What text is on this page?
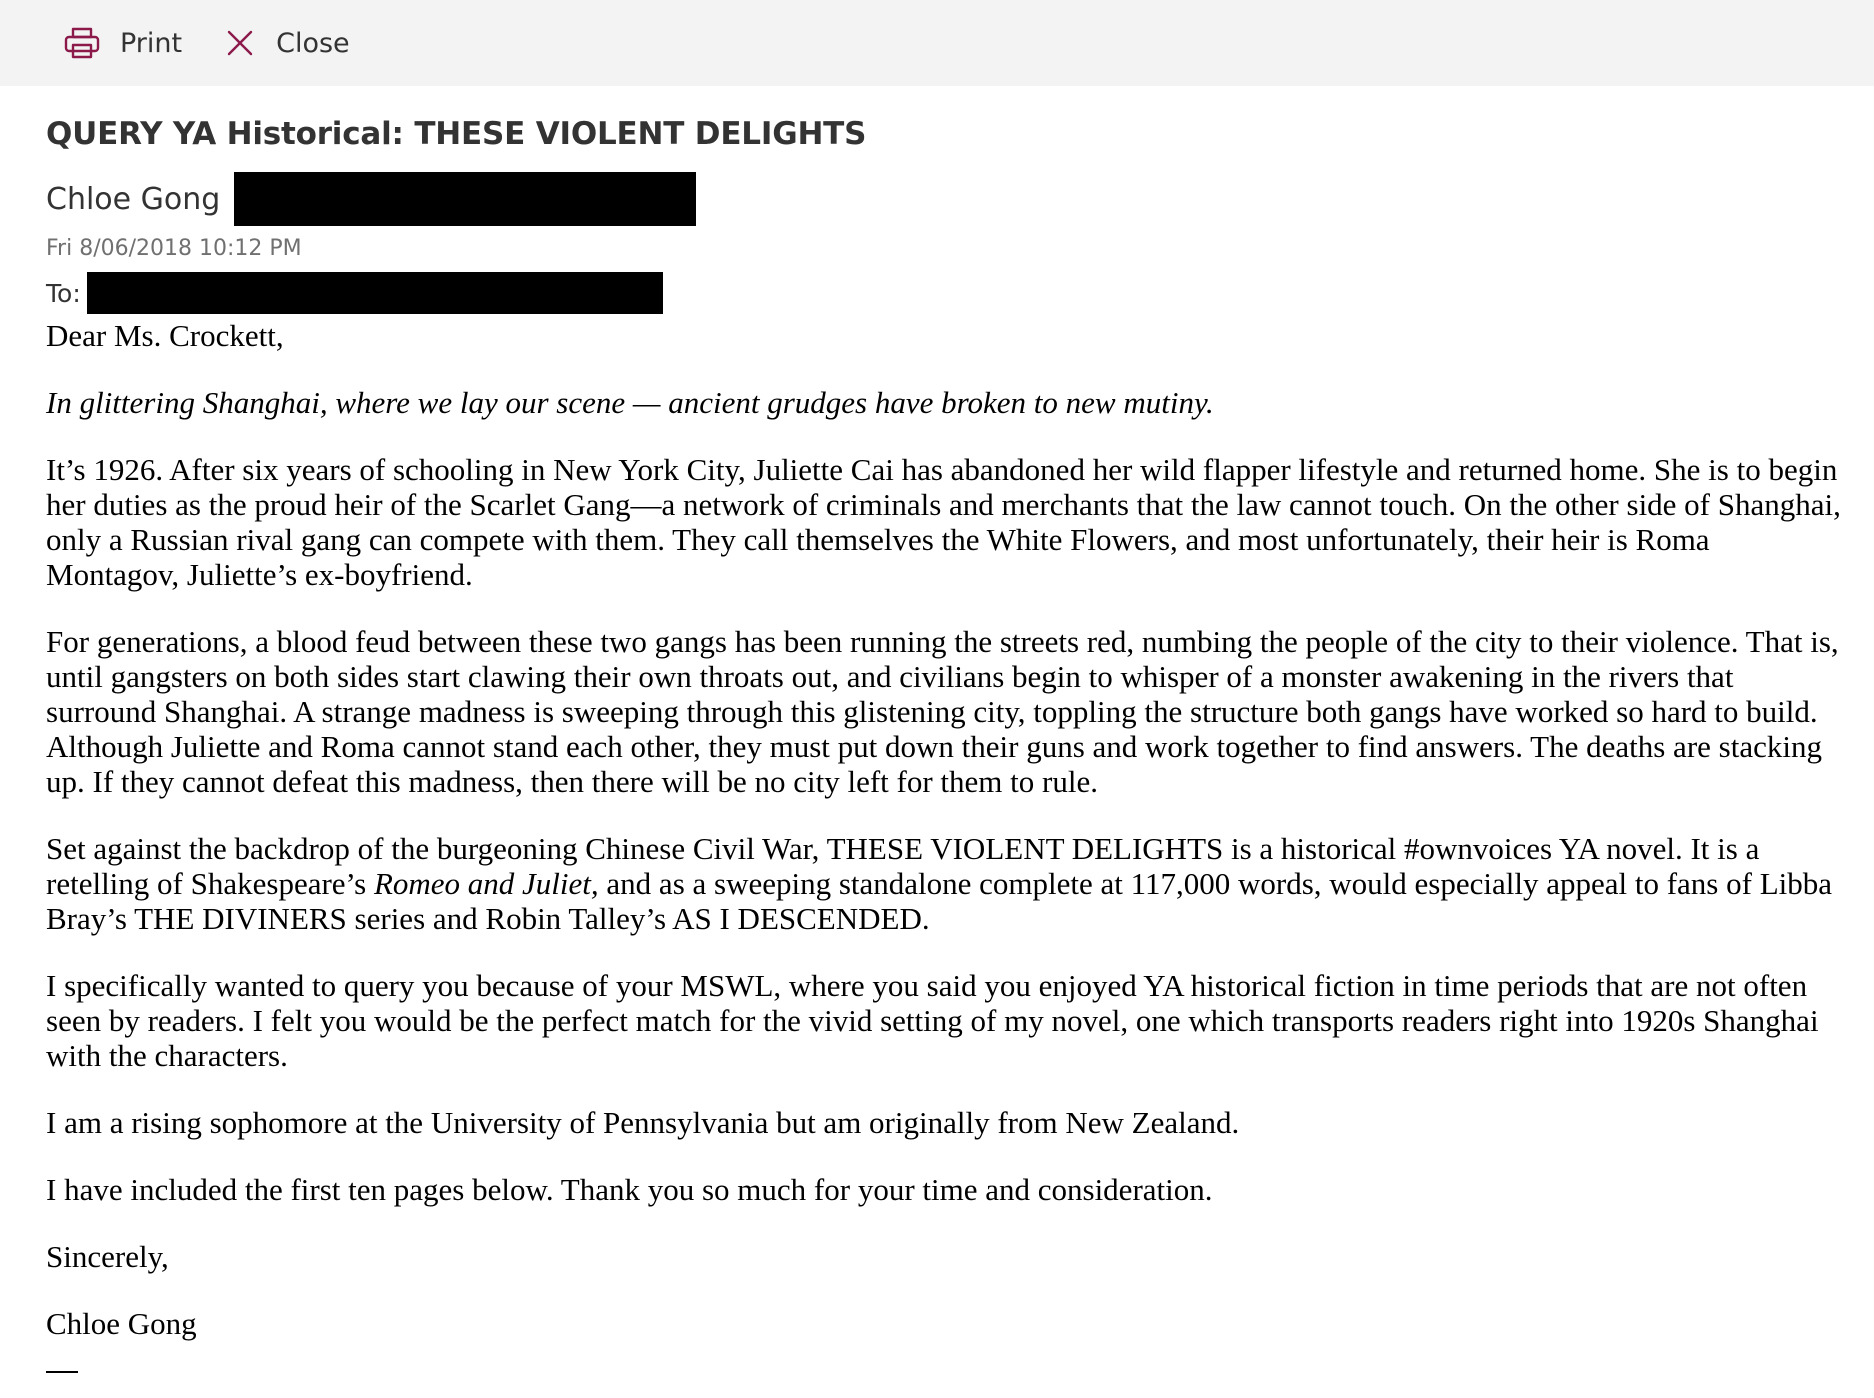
Print	Close
QUERY YA Historical: THESE VIOLENT DELIGHTS
Chloe Gong
Fri 8/06/2018 10:12 PM
To:

Dear Ms. Crockett,

In glittering Shanghai, where we lay our scene — ancient grudges have broken to new mutiny.

It’s 1926. After six years of schooling in New York City, Juliette Cai has abandoned her wild flapper lifestyle and returned home. She is to begin her duties as the proud heir of the Scarlet Gang—a network of criminals and merchants that the law cannot touch. On the other side of Shanghai, only a Russian rival gang can compete with them. They call themselves the White Flowers, and most unfortunately, their heir is Roma Montagov, Juliette’s ex-boyfriend.

For generations, a blood feud between these two gangs has been running the streets red, numbing the people of the city to their violence. That is, until gangsters on both sides start clawing their own throats out, and civilians begin to whisper of a monster awakening in the rivers that surround Shanghai. A strange madness is sweeping through this glistening city, toppling the structure both gangs have worked so hard to build. Although Juliette and Roma cannot stand each other, they must put down their guns and work together to find answers. The deaths are stacking up. If they cannot defeat this madness, then there will be no city left for them to rule.

Set against the backdrop of the burgeoning Chinese Civil War, THESE VIOLENT DELIGHTS is a historical #ownvoices YA novel. It is a retelling of Shakespeare’s Romeo and Juliet, and as a sweeping standalone complete at 117,000 words, would especially appeal to fans of Libba Bray’s THE DIVINERS series and Robin Talley’s AS I DESCENDED.

I specifically wanted to query you because of your MSWL, where you said you enjoyed YA historical fiction in time periods that are not often seen by readers. I felt you would be the perfect match for the vivid setting of my novel, one which transports readers right into 1920s Shanghai with the characters.

I am a rising sophomore at the University of Pennsylvania but am originally from New Zealand.

I have included the first ten pages below. Thank you so much for your time and consideration.

Sincerely,

Chloe Gong
